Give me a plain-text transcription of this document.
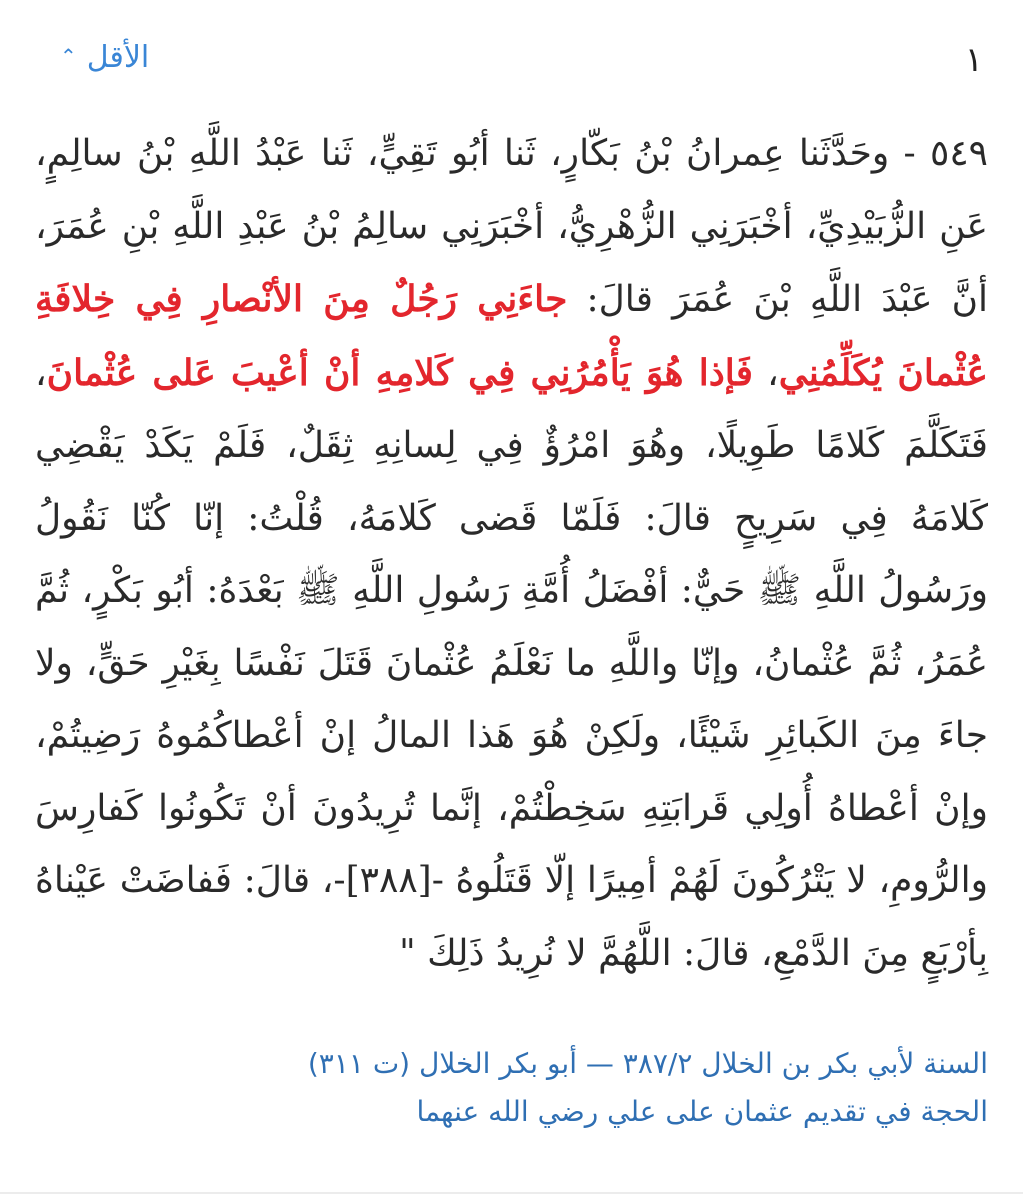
⌃ الأقل	١
٥٤٩ - وحَدَّثَنا عِمرانُ بْنُ بَكّارٍ، ثَنا أبُو تَقِيٍّ، ثَنا عَبْدُ اللَّهِ بْنُ سالِمٍ، عَنِ الزُّبَيْدِيِّ، أخْبَرَنِي الزُّهْرِيُّ، أخْبَرَنِي سالِمُ بْنُ عَبْدِ اللَّهِ بْنِ عُمَرَ، أنَّ عَبْدَ اللَّهِ بْنَ عُمَرَ قالَ: جاءَنِي رَجُلٌ مِنَ الأنْصارِ فِي خِلافَةِ عُثْمانَ يُكَلِّمُنِي، فَإذا هُوَ يَأْمُرُنِي فِي كَلامِهِ أنْ أعْيبَ عَلى عُثْمانَ، فَتَكَلَّمَ كَلامًا طَوِيلًا، وهُوَ امْرُؤٌ فِي لِسانِهِ ثِقَلٌ، فَلَمْ يَكَدْ يَقْضِي كَلامَهُ فِي سَرِيحٍ قالَ: فَلَمّا قَضى كَلامَهُ، قُلْتُ: إنّا كُنّا نَقُولُ ورَسُولُ اللَّهِ ﷺ حَيٌّ: أفْضَلُ أُمَّةِ رَسُولِ اللَّهِ ﷺ بَعْدَهُ: أبُو بَكْرٍ، ثُمَّ عُمَرُ، ثُمَّ عُثْمانُ، وإنّا واللَّهِ ما نَعْلَمُ عُثْمانَ قَتَلَ نَفْسًا بِغَيْرِ حَقٍّ، ولا جاءَ مِنَ الكَبائِرِ شَيْئًا، ولَكِنْ هُوَ هَذا المالُ إنْ أعْطاكُمُوهُ رَضِيتُمْ، وإنْ أعْطاهُ أُولِي قَرابَتِهِ سَخِطْتُمْ، إنَّما تُرِيدُونَ أنْ تَكُونُوا كَفارِسَ والرُّومِ، لا يَتْرُكُونَ لَهُمْ أمِيرًا إلّا قَتَلُوهُ -[٣٨٨]-، قالَ: فَفاضَتْ عَيْناهُ بِأرْبَعٍ مِنَ الدَّمْعِ، قالَ: اللَّهُمَّ لا نُرِيدُ ذَلِكَ "
السنة لأبي بكر بن الخلال ٣٨٧/٢ — أبو بكر الخلال (ت ٣١١)
الحجة في تقديم عثمان على علي رضي الله عنهما
